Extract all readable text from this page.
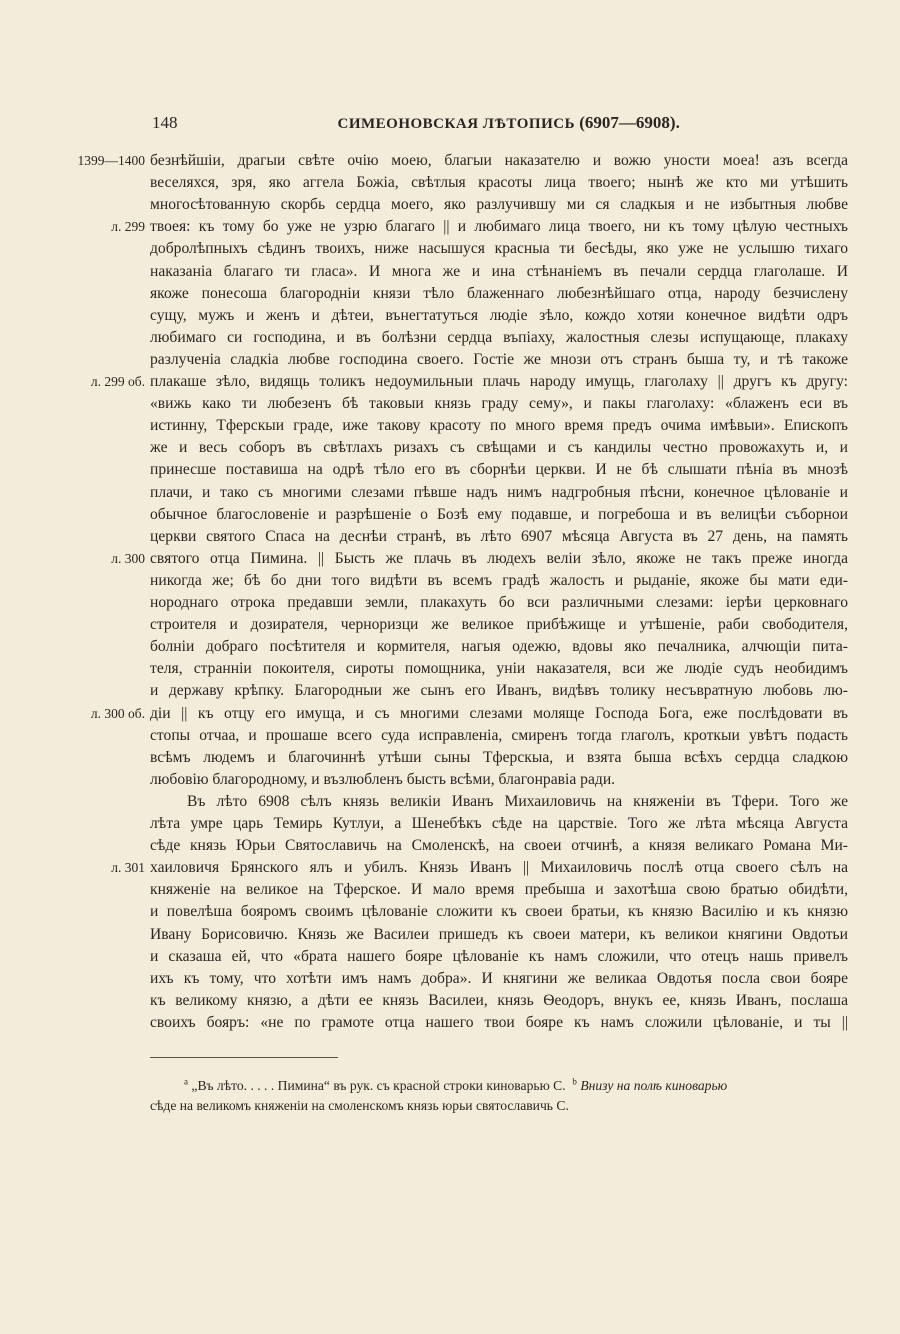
148	СИМЕОНОВСКАЯ ЛѢТОПИСЬ (6907—6908).
безнѣйшіи, драгыи свѣте очію моею, благыи наказателю и вожю уности моеа! азъ всегда
веселяхся, зря, яко аггела Божіа, свѣтлыя красоты лица твоего; нынѣ же кто ми утѣшить
многосѣтованную скорбь сердца моего, яко разлучившу ми ся сладкыя и не избытныя любве
твоея: къ тому бо уже не узрю благаго || и любимаго лица твоего, ни къ тому цѣлую честныхъ
добролѣпныхъ сѣдинъ твоихъ, ниже насышуся красныа ти бесѣды, яко уже не услышю тихаго
наказаніа благаго ти гласа». И многа же и ина стѣнаніемъ въ печали сердца глаголаше. И
якоже понесоша благороднiи князи тѣло блаженнаго любезнѣйшаго отца, народу безчислену
сущу, мужъ и женъ и дѣтеи, вънегтатуться людіе зѣло, кождо хотяи конечное видѣти одръ
любимаго си господина, и въ болѣзни сердца въпіаху, жалостныя слезы испущающе, плакаху
разлученіа сладкіа любве господина своего. Гостіе же мнози отъ странъ быша ту, и тѣ такоже
плакаше зѣло, видящь толикъ недоумильныи плачь народу имущь, глаголаху || другъ къ другу:
«вижь како ти любезенъ бѣ таковыи князь граду сему», и пакы глаголаху: «блаженъ еси въ
истинну, Тферскыи граде, иже такову красоту по много время предъ очима имѣвыи». Епископъ
же и весь соборъ въ свѣтлахъ ризахъ съ свѣщами и съ кандилы честно провожахуть и, и
принесше поставиша на одрѣ тѣло его въ сборнѣи церкви. И не бѣ слышати пѣніа въ мнозѣ
плачи, и тако съ многими слезами пѣвше надъ нимъ надгробныя пѣсни, конечное цѣлованіе и
обычное благословеніе и разрѣшеніе о Бозѣ ему подавше, и погребоша и въ велицѣи съборнои
церкви святого Спаса на деснѣи странѣ, въ лѣто 6907 мѣсяца Августа въ 27 день, на память
святого отца Пимина. || Бысть же плачь въ людехъ велiи зѣло, якоже не такъ преже иногда
никогда же; бѣ бо дни того видѣти въ всемъ градѣ жалость и рыданіе, якоже бы мати еди-
нороднаго отрока предавши земли, плакахуть бо вси различными слезами: іерѣи церковнаго
строителя и дозирателя, черноризци же великое прибѣжище и утѣшеніе, раби свободителя,
болніи добраго посѣтителя и кормителя, нагыя одежю, вдовы яко печалника, алчющіи пита-
теля, странніи покоителя, сироты помощника, унiи наказателя, вси же людіе судъ необидимъ
и державу крѣпку. Благородныи же сынъ его Иванъ, видѣвъ толику несъвратную любовь лю-
діи || къ отцу его имуща, и съ многими слезами моляще Господа Бога, еже послѣдовати въ
стопы отчаа, и прошаше всего суда исправленіа, смиренъ тогда глаголъ, кроткыи увѣтъ подасть
всѣмъ людемъ и благочиннѣ утѣши сыны Тферскыа, и взята быша всѣхъ сердца сладкою
любовію благородному, и възлюбленъ бысть всѣми, благонравіа ради.
Въ лѣто 6908 сѣлъ князь великіи Иванъ Михаиловичь на княженіи въ Тфери. Того же
лѣта умре царь Темирь Кутлуи, а Шенебѣкъ сѣде на царствіе. Того же лѣта мѣсяца Августа
сѣде князь Юрьи Святославичь на Смоленскѣ, на своеи отчинѣ, а князя великаго Романа Ми-
хаиловичя Брянского ялъ и убилъ. Князь Иванъ || Михаиловичь послѣ отца своего сѣлъ на
княженіе на великое на Тферское. И мало время пребыша и захотѣша свою братью обидѣти,
и повелѣша бояромъ своимъ цѣлованіе сложити къ своеи братьи, къ князю Василію и къ князю
Ивану Борисовичю. Князь же Василеи пришедъ къ своеи матери, къ великои княгини Овдотьи
и сказаша ей, что «брата нашего бояре цѣлованіе къ намъ сложили, что отецъ нашь привелъ
ихъ къ тому, что хотѣти имъ намъ добра». И княгини же великаа Овдотья посла свои бояре
къ великому князю, а дѣти ее князь Василеи, князь Ѳеодоръ, внукъ ее, князь Иванъ, послаша
своихъ бояръ: «не по грамоте отца нашего твои бояре къ намъ сложили цѣлованіе, и ты ||
1399—1400
л. 299
л. 299 об.
л. 300
л. 300 об.
л. 301
$^a$ „Въ лѣто. . . . . Пимина“ въ рук. съ красной строки киноварью С. $^b$ Внизу на полѣ киноварью
сѣде на великомъ княженіи на смоленскомъ князь юрьи святославичь С.
